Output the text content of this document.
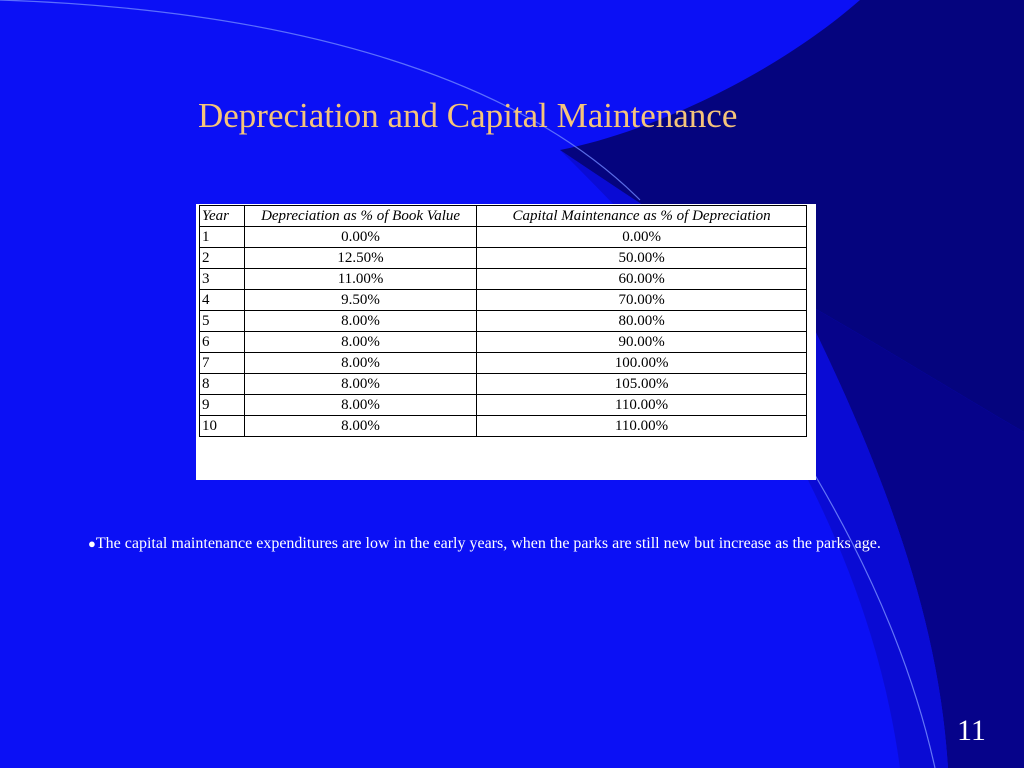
Depreciation and Capital Maintenance
Year	Depreciation as % of Book Value	Capital Maintenance as % of Depreciation
1	0.00%	0.00%
2	12.50%	50.00%
3	11.00%	60.00%
4	9.50%	70.00%
5	8.00%	80.00%
6	8.00%	90.00%
7	8.00%	100.00%
8	8.00%	105.00%
9	8.00%	110.00%
10	8.00%	110.00%

●The capital maintenance expenditures are low in the early years, when the parks are still new but increase as the parks age.

11
